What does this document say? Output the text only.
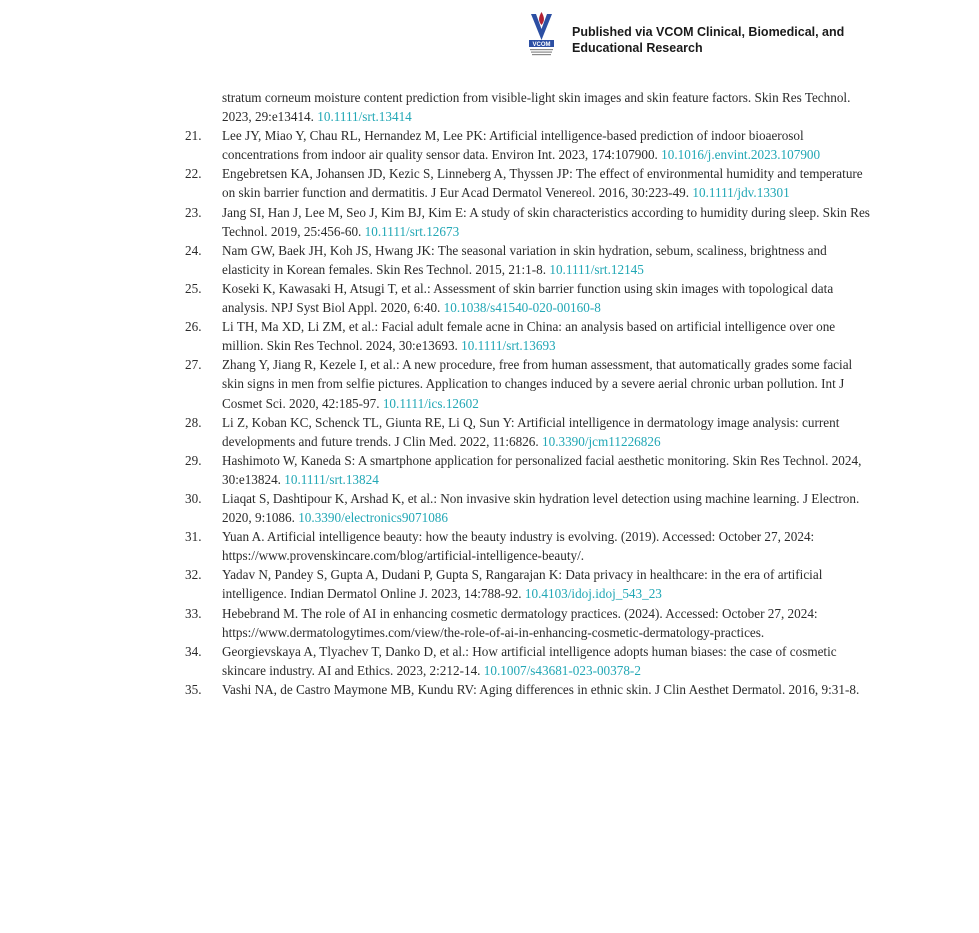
VCOM
Published via VCOM Clinical, Biomedical, and
Educational Research
stratum corneum moisture content prediction from visible-light skin images and skin feature factors. Skin Res Technol. 2023, 29:e13414. 10.1111/srt.13414
21.	Lee JY, Miao Y, Chau RL, Hernandez M, Lee PK: Artificial intelligence-based prediction of indoor bioaerosol concentrations from indoor air quality sensor data. Environ Int. 2023, 174:107900. 10.1016/j.envint.2023.107900
22.	Engebretsen KA, Johansen JD, Kezic S, Linneberg A, Thyssen JP: The effect of environmental humidity and temperature on skin barrier function and dermatitis. J Eur Acad Dermatol Venereol. 2016, 30:223-49. 10.1111/jdv.13301
23.	Jang SI, Han J, Lee M, Seo J, Kim BJ, Kim E: A study of skin characteristics according to humidity during sleep. Skin Res Technol. 2019, 25:456-60. 10.1111/srt.12673
24.	Nam GW, Baek JH, Koh JS, Hwang JK: The seasonal variation in skin hydration, sebum, scaliness, brightness and elasticity in Korean females. Skin Res Technol. 2015, 21:1-8. 10.1111/srt.12145
25.	Koseki K, Kawasaki H, Atsugi T, et al.: Assessment of skin barrier function using skin images with topological data analysis. NPJ Syst Biol Appl. 2020, 6:40. 10.1038/s41540-020-00160-8
26.	Li TH, Ma XD, Li ZM, et al.: Facial adult female acne in China: an analysis based on artificial intelligence over one million. Skin Res Technol. 2024, 30:e13693. 10.1111/srt.13693
27.	Zhang Y, Jiang R, Kezele I, et al.: A new procedure, free from human assessment, that automatically grades some facial skin signs in men from selfie pictures. Application to changes induced by a severe aerial chronic urban pollution. Int J Cosmet Sci. 2020, 42:185-97. 10.1111/ics.12602
28.	Li Z, Koban KC, Schenck TL, Giunta RE, Li Q, Sun Y: Artificial intelligence in dermatology image analysis: current developments and future trends. J Clin Med. 2022, 11:6826. 10.3390/jcm11226826
29.	Hashimoto W, Kaneda S: A smartphone application for personalized facial aesthetic monitoring. Skin Res Technol. 2024, 30:e13824. 10.1111/srt.13824
30.	Liaqat S, Dashtipour K, Arshad K, et al.: Non invasive skin hydration level detection using machine learning. J Electron. 2020, 9:1086. 10.3390/electronics9071086
31.	Yuan A. Artificial intelligence beauty: how the beauty industry is evolving. (2019). Accessed: October 27, 2024: https://www.provenskincare.com/blog/artificial-intelligence-beauty/.
32.	Yadav N, Pandey S, Gupta A, Dudani P, Gupta S, Rangarajan K: Data privacy in healthcare: in the era of artificial intelligence. Indian Dermatol Online J. 2023, 14:788-92. 10.4103/idoj.idoj_543_23
33.	Hebebrand M. The role of AI in enhancing cosmetic dermatology practices. (2024). Accessed: October 27, 2024: https://www.dermatologytimes.com/view/the-role-of-ai-in-enhancing-cosmetic-dermatology-practices.
34.	Georgievskaya A, Tlyachev T, Danko D, et al.: How artificial intelligence adopts human biases: the case of cosmetic skincare industry. AI and Ethics. 2023, 2:212-14. 10.1007/s43681-023-00378-2
35.	Vashi NA, de Castro Maymone MB, Kundu RV: Aging differences in ethnic skin. J Clin Aesthet Dermatol. 2016, 9:31-8.
